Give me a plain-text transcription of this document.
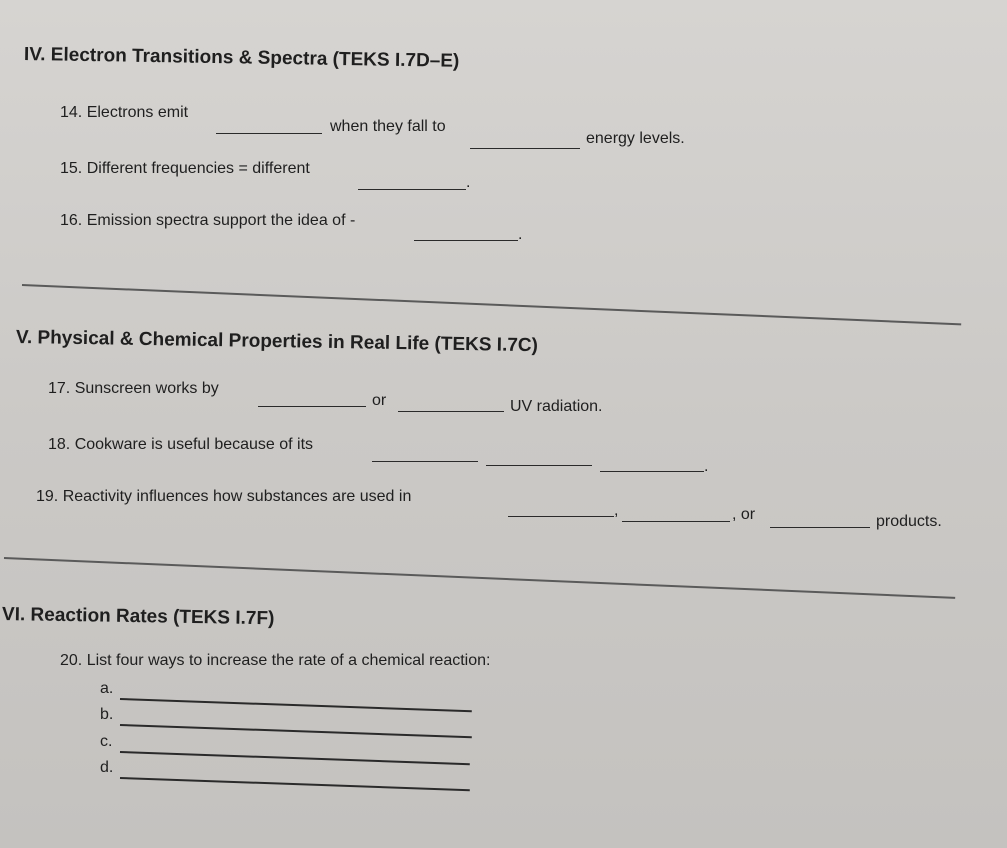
IV. Electron Transitions & Spectra (TEKS I.7D–E)
14. Electrons emit
when they fall to
energy levels.
15. Different frequencies = different
.
16. Emission spectra support the idea of -
.
V. Physical & Chemical Properties in Real Life (TEKS I.7C)
17. Sunscreen works by
or	UV radiation.
18. Cookware is useful because of its
.
19. Reactivity influences how substances are used in
,	, or	products.
VI. Reaction Rates (TEKS I.7F)
20. List four ways to increase the rate of a chemical reaction:
a.
b.
c.
d.
